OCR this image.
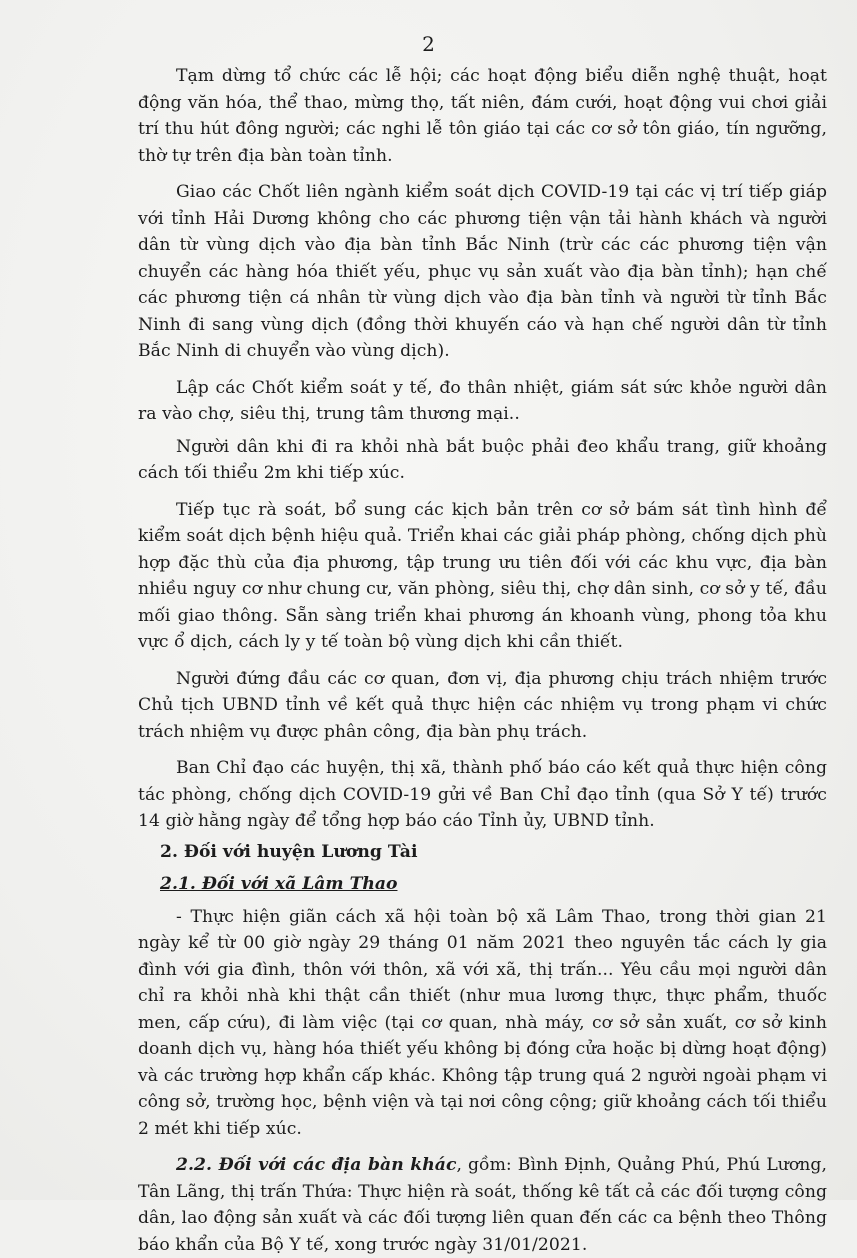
2

Tạm dừng tổ chức các lễ hội; các hoạt động biểu diễn nghệ thuật, hoạt động văn hóa, thể thao, mừng thọ, tất niên, đám cưới, hoạt động vui chơi giải trí thu hút đông người; các nghi lễ tôn giáo tại các cơ sở tôn giáo, tín ngưỡng, thờ tự trên địa bàn toàn tỉnh.

Giao các Chốt liên ngành kiểm soát dịch COVID-19 tại các vị trí tiếp giáp với tỉnh Hải Dương không cho các phương tiện vận tải hành khách và người dân từ vùng dịch vào địa bàn tỉnh Bắc Ninh (trừ các các phương tiện vận chuyển các hàng hóa thiết yếu, phục vụ sản xuất vào địa bàn tỉnh); hạn chế các phương tiện cá nhân từ vùng dịch vào địa bàn tỉnh và người từ tỉnh Bắc Ninh đi sang vùng dịch (đồng thời khuyến cáo và hạn chế người dân từ tỉnh Bắc Ninh di chuyển vào vùng dịch).

Lập các Chốt kiểm soát y tế, đo thân nhiệt, giám sát sức khỏe người dân ra vào chợ, siêu thị, trung tâm thương mại..

Người dân khi đi ra khỏi nhà bắt buộc phải đeo khẩu trang, giữ khoảng cách tối thiểu 2m khi tiếp xúc.

Tiếp tục rà soát, bổ sung các kịch bản trên cơ sở bám sát tình hình để kiểm soát dịch bệnh hiệu quả. Triển khai các giải pháp phòng, chống dịch phù hợp đặc thù của địa phương, tập trung ưu tiên đối với các khu vực, địa bàn nhiều nguy cơ như chung cư, văn phòng, siêu thị, chợ dân sinh, cơ sở y tế, đầu mối giao thông. Sẵn sàng triển khai phương án khoanh vùng, phong tỏa khu vực ổ dịch, cách ly y tế toàn bộ vùng dịch khi cần thiết.

Người đứng đầu các cơ quan, đơn vị, địa phương chịu trách nhiệm trước Chủ tịch UBND tỉnh về kết quả thực hiện các nhiệm vụ trong phạm vi chức trách nhiệm vụ được phân công, địa bàn phụ trách.

Ban Chỉ đạo các huyện, thị xã, thành phố báo cáo kết quả thực hiện công tác phòng, chống dịch COVID-19 gửi về Ban Chỉ đạo tỉnh (qua Sở Y tế) trước 14 giờ hằng ngày để tổng hợp báo cáo Tỉnh ủy, UBND tỉnh.

2. Đối với huyện Lương Tài

2.1. Đối với xã Lâm Thao

- Thực hiện giãn cách xã hội toàn bộ xã Lâm Thao, trong thời gian 21 ngày kể từ 00 giờ ngày 29 tháng 01 năm 2021 theo nguyên tắc cách ly gia đình với gia đình, thôn với thôn, xã với xã, thị trấn... Yêu cầu mọi người dân chỉ ra khỏi nhà khi thật cần thiết (như mua lương thực, thực phẩm, thuốc men, cấp cứu), đi làm việc (tại cơ quan, nhà máy, cơ sở sản xuất, cơ sở kinh doanh dịch vụ, hàng hóa thiết yếu không bị đóng cửa hoặc bị dừng hoạt động) và các trường hợp khẩn cấp khác. Không tập trung quá 2 người ngoài phạm vi công sở, trường học, bệnh viện và tại nơi công cộng; giữ khoảng cách tối thiểu 2 mét khi tiếp xúc.

2.2. Đối với các địa bàn khác, gồm: Bình Định, Quảng Phú, Phú Lương, Tân Lãng, thị trấn Thứa: Thực hiện rà soát, thống kê tất cả các đối tượng công dân, lao động sản xuất và các đối tượng liên quan đến các ca bệnh theo Thông báo khẩn của Bộ Y tế, xong trước ngày 31/01/2021.
